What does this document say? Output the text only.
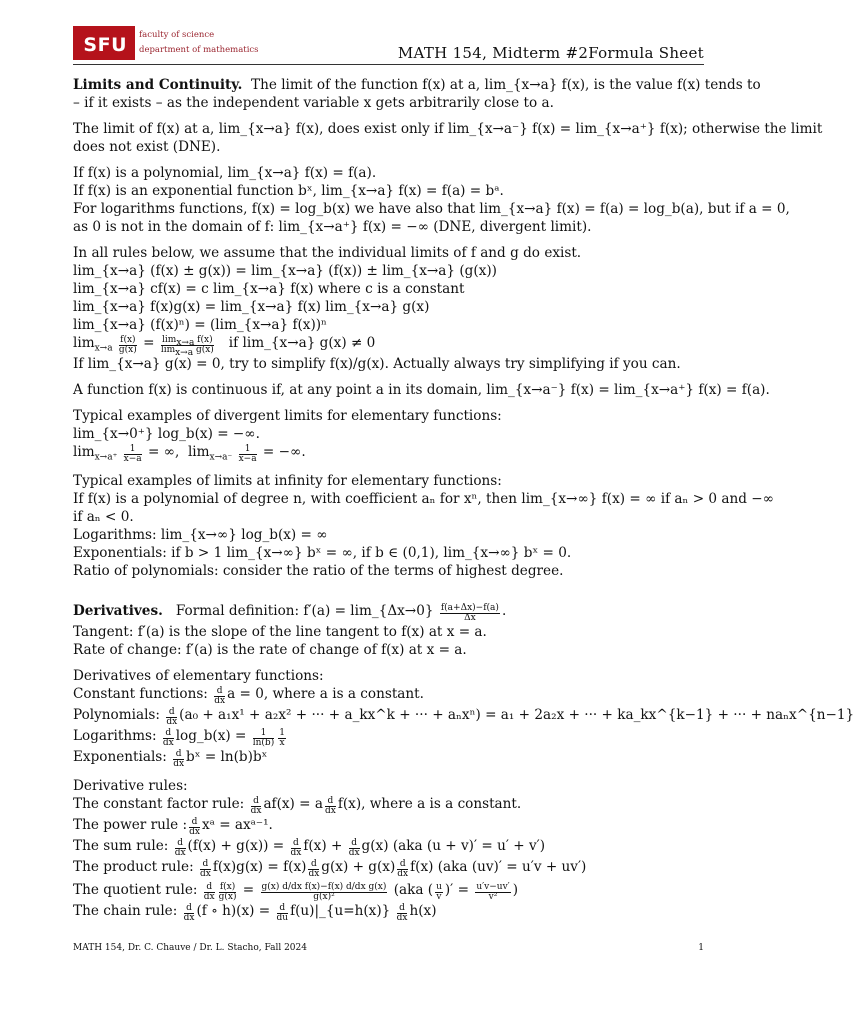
SFU faculty of science
department of mathematics	MATH 154, Midterm #2Formula Sheet
Limits and Continuity. The limit of the function f(x) at a, lim_{x→a} f(x), is the value f(x) tends to
– if it exists – as the independent variable x gets arbitrarily close to a.
The limit of f(x) at a, lim_{x→a} f(x), does exist only if lim_{x→a⁻} f(x) = lim_{x→a⁺} f(x); otherwise the limit
does not exist (DNE).
If f(x) is a polynomial, lim_{x→a} f(x) = f(a).
If f(x) is an exponential function bˣ, lim_{x→a} f(x) = f(a) = bᵃ.
For logarithms functions, f(x) = log_b(x) we have also that lim_{x→a} f(x) = f(a) = log_b(a), but if a = 0,
as 0 is not in the domain of f: lim_{x→a⁺} f(x) = −∞ (DNE, divergent limit).
In all rules below, we assume that the individual limits of f and g do exist.
lim_{x→a} (f(x) ± g(x)) = lim_{x→a} (f(x)) ± lim_{x→a} (g(x))
lim_{x→a} cf(x) = c lim_{x→a} f(x) where c is a constant
lim_{x→a} f(x)g(x) = lim_{x→a} f(x) lim_{x→a} g(x)
lim_{x→a} (f(x)ⁿ) = (lim_{x→a} f(x))ⁿ
$\lim_{x\to a} \frac{f(x)}{g(x)} = \frac{\lim_{x\to a} f(x)}{\lim_{x\to a} g(x)}$ if lim_{x→a} g(x) ≠ 0
If lim_{x→a} g(x) = 0, try to simplify f(x)/g(x). Actually always try simplifying if you can.
A function f(x) is continuous if, at any point a in its domain, lim_{x→a⁻} f(x) = lim_{x→a⁺} f(x) = f(a).
Typical examples of divergent limits for elementary functions:
lim_{x→0⁺} log_b(x) = −∞.
$\lim_{x\to a^+} \frac{1}{x-a}$ = ∞,  $\lim_{x\to a^-} \frac{1}{x-a}$ = −∞.
Typical examples of limits at infinity for elementary functions:
If f(x) is a polynomial of degree n, with coefficient aₙ for xⁿ, then lim_{x→∞} f(x) = ∞ if aₙ > 0 and −∞
if aₙ < 0.
Logarithms: lim_{x→∞} log_b(x) = ∞
Exponentials: if b > 1 lim_{x→∞} bˣ = ∞, if b ∈ (0,1), lim_{x→∞} bˣ = 0.
Ratio of polynomials: consider the ratio of the terms of highest degree.
Derivatives. Formal definition: f′(a) = lim_{Δx→0} $\frac{f(a+\Delta x)-f(a)}{\Delta x}$ .
Tangent: f′(a) is the slope of the line tangent to f(x) at x = a.
Rate of change: f′(a) is the rate of change of f(x) at x = a.
Derivatives of elementary functions:
Constant functions: $\frac{d}{dx}$ a = 0, where a is a constant.
Polynomials: $\frac{d}{dx} (a_0 + a_1x^1 + a_2x^2$ + ··· + a_kx^k + ··· + aₙxⁿ) = a₁ + 2a₂x + ··· + ka_kx^{k−1} + ··· + naₙx^{n−1}
Logarithms: $\frac{d}{dx}$ log_b(x) = $\frac{1}{\ln(b)} \frac{1}{x}$
Exponentials: $\frac{d}{dx}$ bˣ = ln(b)bˣ
Derivative rules:
The constant factor rule: $\frac{d}{dx} af(x) = a \frac{d}{dx} f(x)$, where a is a constant.
The power rule : $\frac{d}{dx}$ xᵃ = axᵃ⁻¹.
The sum rule: $\frac{d}{dx} (f(x) + g(x)) = \frac{d}{dx} f(x) + \frac{d}{dx} g(x)$ (aka (u + v)′ = u′ + v′)
The product rule: $\frac{d}{dx} f(x)g(x) = f(x) \frac{d}{dx} g(x) + g(x) \frac{d}{dx} f(x)$ (aka (uv)′ = u′v + uv′)
The quotient rule: $\frac{d}{dx} \frac{f(x)}{g(x)} = \frac{\text{g(x) d/dx f(x)−f(x) d/dx g(x)}}{\text{g(x)²}} (aka$ ( $\frac{u}{v}$ )′ = $\frac{u'v-uv'}{\text{v²}}$ )
The chain rule: $\frac{d}{dx} (f$ ∘ $h)(x) = \frac{d}{du}$ f(u)|_{u=h(x)} $\frac{d}{dx} h(x)$
MATH 154, Dr. C. Chauve / Dr. L. Stacho, Fall 2024	1
